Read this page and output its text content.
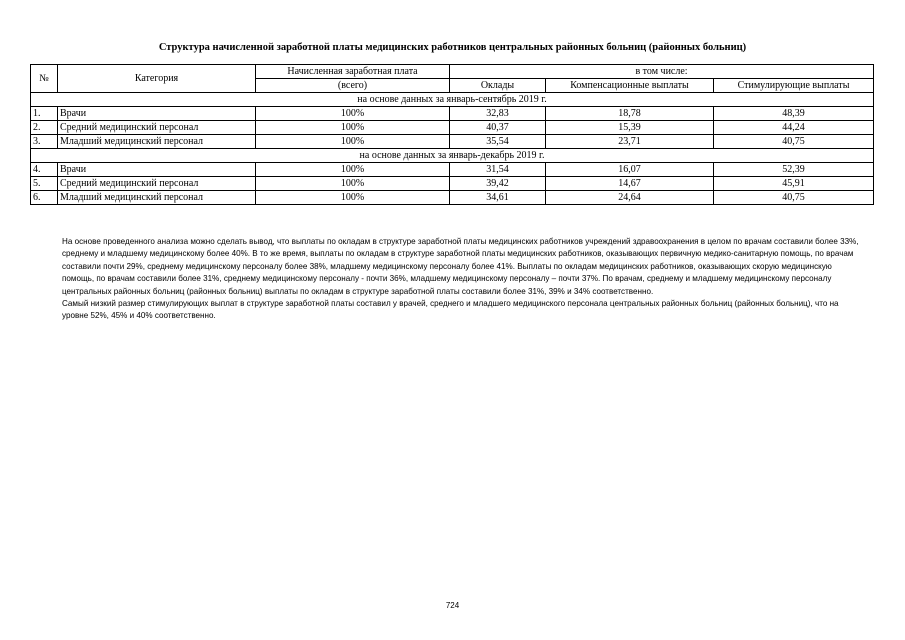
Структура начисленной заработной платы медицинских работников центральных районных больниц (районных больниц)
№	Категория	Начисленная заработная плата	в том числе:		
		(всего)	Оклады	Компенсационные выплаты	Стимулирующие выплаты
на основе данных за январь-сентябрь 2019 г.					
1.	Врачи	100%	32,83	18,78	48,39
2.	Средний медицинский персонал	100%	40,37	15,39	44,24
3.	Младший медицинский персонал	100%	35,54	23,71	40,75
на основе данных за январь-декабрь 2019 г.					
4.	Врачи	100%	31,54	16,07	52,39
5.	Средний медицинский персонал	100%	39,42	14,67	45,91
6.	Младший медицинский персонал	100%	34,61	24,64	40,75

На основе проведенного анализа можно сделать вывод, что выплаты по окладам в структуре заработной платы медицинских работников учреждений здравоохранения в целом по врачам составили более 33%, среднему и младшему медицинскому более 40%. В то же время, выплаты по окладам в структуре заработной платы медицинских работников, оказывающих первичную медико-санитарную помощь, по врачам составили почти 29%, среднему медицинскому персоналу более 38%, младшему медицинскому персоналу более 41%. Выплаты по окладам медицинских работников, оказывающих скорую медицинскую помощь, по врачам составили более 31%, среднему медицинскому персоналу - почти 36%, младшему медицинскому персоналу – почти 37%. По врачам, среднему и младшему медицинскому персоналу центральных районных больниц (районных больниц) выплаты по окладам в структуре заработной платы составили более 31%, 39% и 34% соответственно.

Самый низкий размер стимулирующих выплат в структуре заработной платы составил у врачей, среднего и младшего медицинского персонала центральных районных больниц (районных больниц), что на уровне 52%, 45% и 40% соответственно.

724
